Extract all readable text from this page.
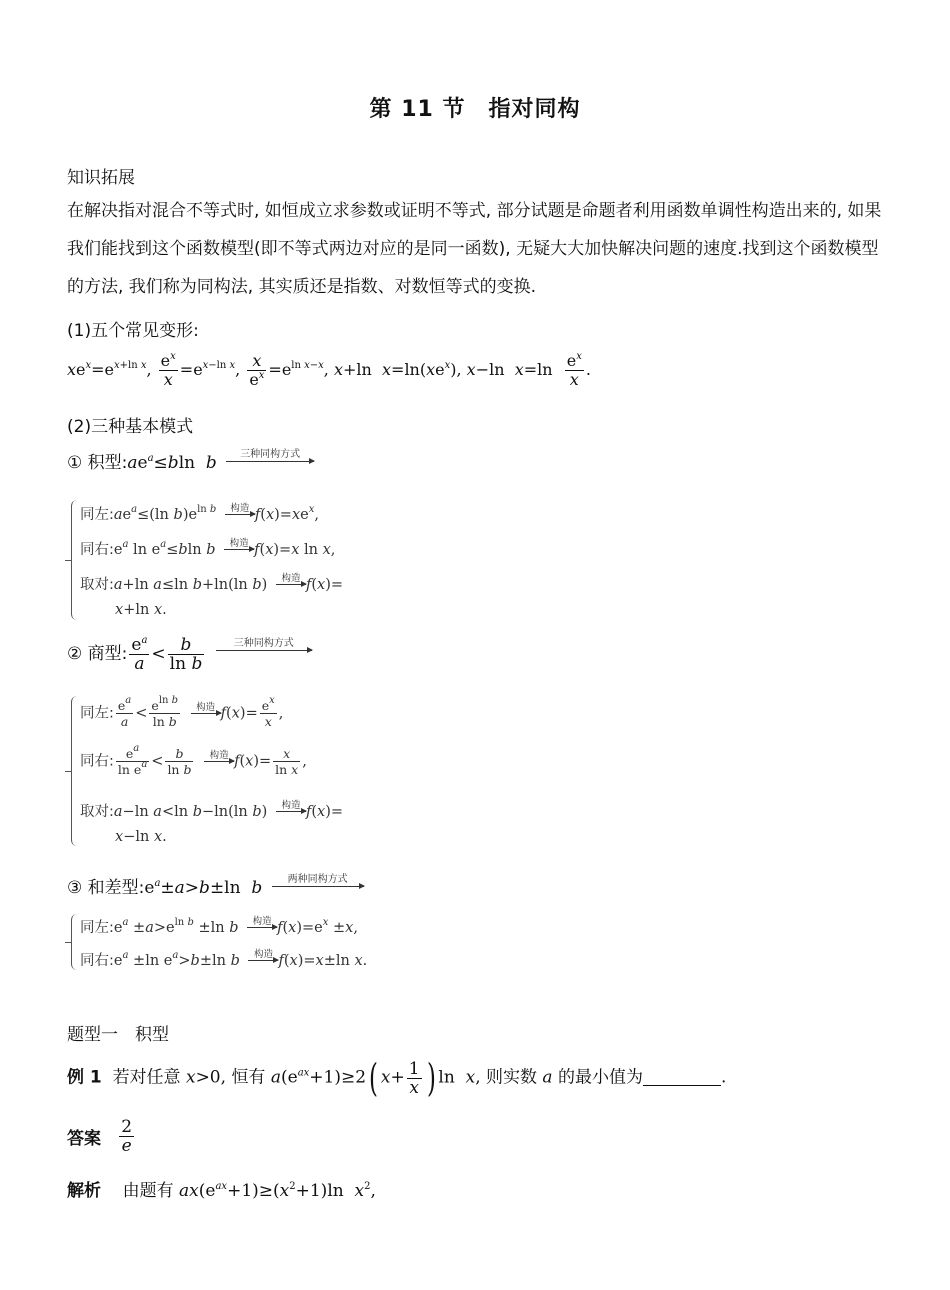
第 11 节　指对同构
知识拓展
在解决指对混合不等式时, 如恒成立求参数或证明不等式, 部分试题是命题者利用函数单调性构造出来的, 如果我们能找到这个函数模型(即不等式两边对应的是同一函数), 无疑大大加快解决问题的速度.找到这个函数模型的方法, 我们称为同构法, 其实质还是指数、对数恒等式的变换.
(1)五个常见变形:
$xe^x=e^{x+ln x}$, $\frac{e^x}{x} =e^{x-ln x}$, $\frac{x}{e^x} =e^{ln x-x}$, x+ln  $x=\ln(xe^x)$, x−ln  $x=\ln \frac{e^x}{x}$ .
(2)三种基本模式
① 积型$:ae^a\le bln$  b	三种同构方式
同左$:ae^a\le(\ln$ $b)e^{ln b}$	构造 $f(x)=xe^x$,
同右$:e^a$ $\ln e^a\le bln$ b	构造 f(x)=x ln x,
取对:a+ln a≤ln b+ln(ln b) 构造 f(x)=
x+ln x.
② 商型: $\frac{e^a}{a} < \frac{b}{\text{ln b}}$
	三种同构方式
同左: $\frac{e^a}{a} < \frac{e^{ln b}}{\text{ln b}}$
	构造 $f(x)= \frac{e^x}{x}$ ,
同右: $\frac{e^a}{\ln e^a} < \frac{b}{\text{ln b}}$
	构造 $f(x)= \frac{x}{\text{ln x}}$ ,
取对:a−ln a<ln b−ln(ln b) 构造 f(x)=
x−ln x.
③ 和差型$:e^a\pm a>b\pm\ln$  b	两种同构方式
同左$:e^a \pm a>e^{ln b} \pm\ln$ b	构造 $f(x)=e^x \pm x$,
同右$:e^a \pm\ln$ $e^a>b\pm\ln$ b	构造 f(x)=x±ln x.
题型一　积型
例 1 若对任意 x>0, 恒有 $a(e^{ax}+1)\ge 2$( $x+ \frac{1}{x}$ ) ln  x, 则实数 a 的最小值为	.
答案 $\frac{2}{e}$
解析 由题有 $ax(e^{ax}+1)\ge(x^2+1)\ln$  $x^2$,
